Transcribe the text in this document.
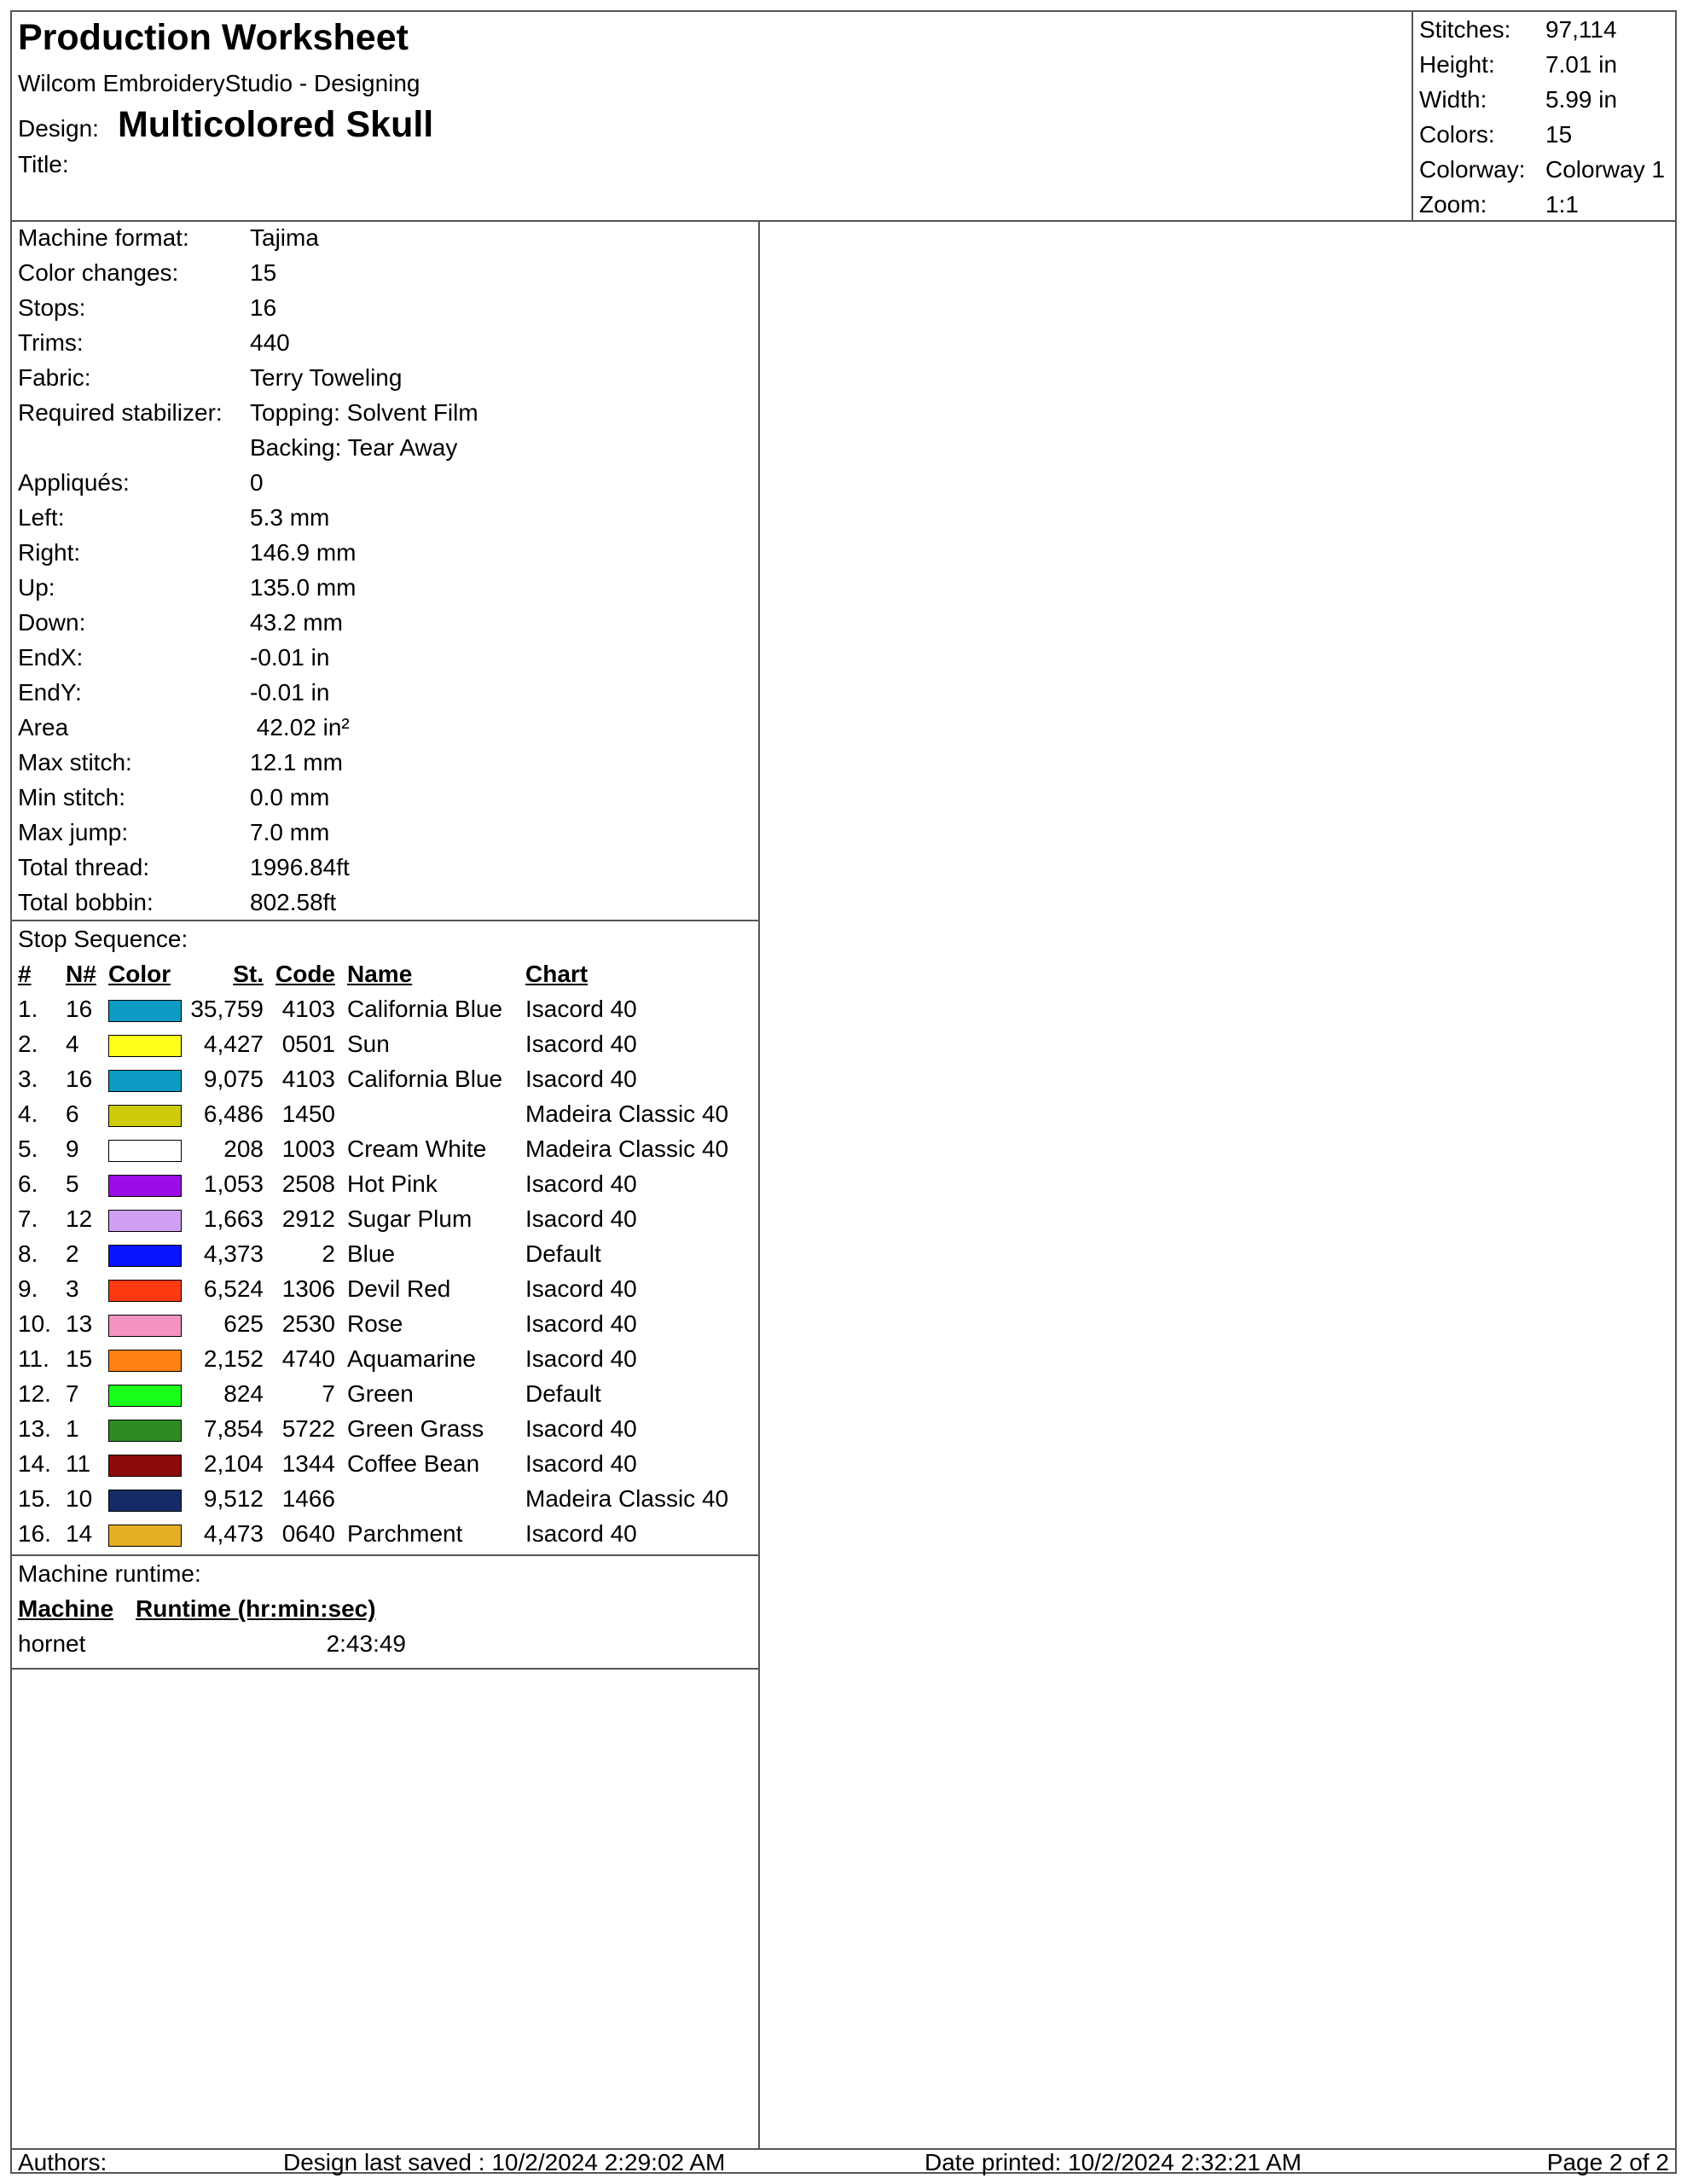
Production Worksheet
Wilcom EmbroideryStudio - Designing
Design: Multicolored Skull
Title:
Stitches:	97,114
Height:	7.01 in
Width:	5.99 in
Colors:	15
Colorway: Colorway 1
Zoom:	1:1
Machine format:	Tajima
Color changes:	15
Stops:	16
Trims:	440
Fabric:	Terry Toweling
Required stabilizer:	Topping: Solvent Film
Backing: Tear Away
Appliqués:	0
Left:	5.3 mm
Right:	146.9 mm
Up:	135.0 mm
Down:	43.2 mm
EndX:	-0.01 in
EndY:	-0.01 in
Area	42.02 in²
Max stitch:	12.1 mm
Min stitch:	0.0 mm
Max jump:	7.0 mm
Total thread:	1996.84ft
Total bobbin:	802.58ft
Stop Sequence:
#	N#	Color	St.	Code	Name	Chart
1.	16		35,759	4103	California Blue	Isacord 40
2.	4		4,427	0501	Sun	Isacord 40
3.	16		9,075	4103	California Blue	Isacord 40
4.	6		6,486	1450		Madeira Classic 40
5.	9		208	1003	Cream White	Madeira Classic 40
6.	5		1,053	2508	Hot Pink	Isacord 40
7.	12		1,663	2912	Sugar Plum	Isacord 40
8.	2		4,373	2	Blue	Default
9.	3		6,524	1306	Devil Red	Isacord 40
10.	13		625	2530	Rose	Isacord 40
11.	15		2,152	4740	Aquamarine	Isacord 40
12.	7		824	7	Green	Default
13.	1		7,854	5722	Green Grass	Isacord 40
14.	11		2,104	1344	Coffee Bean	Isacord 40
15.	10		9,512	1466		Madeira Classic 40
16.	14		4,473	0640	Parchment	Isacord 40
Machine runtime:
Machine Runtime (hr:min:sec)
hornet	2:43:49
Authors:	Design last saved : 10/2/2024 2:29:02 AM	Date printed: 10/2/2024 2:32:21 AM	Page 2 of 2
